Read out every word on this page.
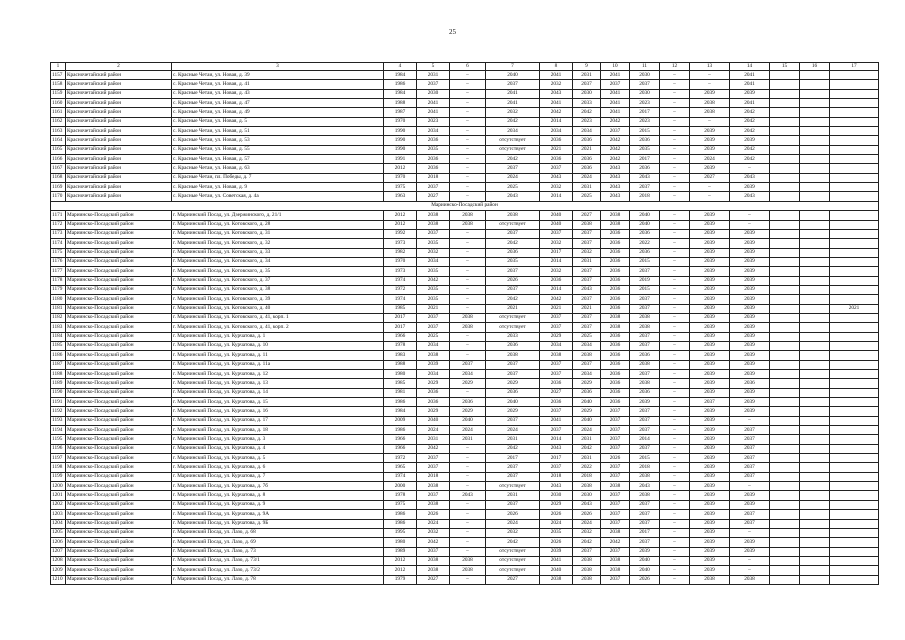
25
1	2	3	4	5	6	7	8	9	10	11	12	13	14	15	16	17
1157	Красночетайский район	с. Красные Четаи, ул. Новая, д. 39	1984	2031	–	2040	2041	2031	2041	2030	–	–	2041			
1158	Красночетайский район	с. Красные Четаи, ул. Новая, д. 41	1986	2037	–	2037	2032	2037	2037	2037	–	–	2041			
1159	Красночетайский район	с. Красные Четаи, ул. Новая, д. 43	1984	2030	–	2041	2043	2030	2041	2030	–	2039	2039			
1160	Красночетайский район	с. Красные Четаи, ул. Новая, д. 47	1988	2041	–	2041	2041	2033	2041	2023	–	2038	2041			
1161	Красночетайский район	с. Красные Четаи, ул. Новая, д. 49	1987	2041	–	2032	2042	2042	2041	2017	–	2038	2042			
1162	Красночетайский район	с. Красные Четаи, ул. Новая, д. 5	1970	2023	–	2042	2014	2023	2042	2023	–	–	2042			
1163	Красночетайский район	с. Красные Четаи, ул. Новая, д. 51	1990	2034	–	2034	2034	2034	2037	2015	–	2039	2042			
1164	Красночетайский район	с. Красные Четаи, ул. Новая, д. 53	1990	2036	–	отсутствует	2036	2036	2042	2036	–	2039	2039			
1165	Красночетайский район	с. Красные Четаи, ул. Новая, д. 55	1990	2035	–	отсутствует	2021	2021	2042	2035	–	2039	2042			
1166	Красночетайский район	с. Красные Четаи, ул. Новая, д. 57	1991	2036	–	2042	2036	2036	2042	2017	–	2024	2042			
1167	Красночетайский район	с. Красные Четаи, ул. Новая, д. 63	2012	2036	–	2037	2037	2036	2043	2036	–	2039	–			
1168	Красночетайский район	с. Красные Четаи, пл. Победы, д. 7	1970	2018	–	2024	2043	2024	2043	2043	–	2027	2043			
1169	Красночетайский район	с. Красные Четаи, ул. Новая, д. 9	1975	2037	–	2025	2032	2031	2043	2037	–	–	2039			
1170	Красночетайский район	с. Красные Четаи, ул. Советская, д. 4а	1963	2027	–	2043	2014	2025	2043	2018	–	–	2043			
Мариинско-Посадский район																
1171	Мариинско-Посадский район	г. Мариинский Посад, ул. Дзержинского, д. 21/1	2012	2038	2038	2038	2040	2027	2038	2040	–	2039	–			
1172	Мариинско-Посадский район	г. Мариинский Посад, ул. Котовского, д. 28	2012	2038	2038	отсутствует	2040	2038	2038	2040	–	2039	–			
1173	Мариинско-Посадский район	г. Мариинский Посад, ул. Котовского, д. 31	1992	2037	–	2037	2037	2037	2036	2036	–	2039	2039			
1174	Мариинско-Посадский район	г. Мариинский Посад, ул. Котовского, д. 32	1973	2035	–	2042	2032	2037	2036	2022	–	2039	2039			
1175	Мариинско-Посадский район	г. Мариинский Посад, ул. Котовского, д. 33	1982	2032	–	2036	2017	2032	2036	2036	–	2039	2039			
1176	Мариинско-Посадский район	г. Мариинский Посад, ул. Котовского, д. 34	1970	2034	–	2035	2014	2031	2036	2015	–	2039	2039			
1177	Мариинско-Посадский район	г. Мариинский Посад, ул. Котовского, д. 35	1973	2035	–	2037	2032	2037	2036	2037	–	2039	2039			
1178	Мариинско-Посадский район	г. Мариинский Посад, ул. Котовского, д. 37	1974	2042	–	2026	2036	2037	2036	2019	–	2039	2039			
1179	Мариинско-Посадский район	г. Мариинский Посад, ул. Котовского, д. 38	1972	2035	–	2037	2014	2043	2036	2015	–	2039	2039			
1180	Мариинско-Посадский район	г. Мариинский Посад, ул. Котовского, д. 39	1974	2035	–	2042	2042	2037	2036	2037	–	2039	2039			
1181	Мариинско-Посадский район	г. Мариинский Посад, ул. Котовского, д. 40	1985	2021	–	2021	2021	2021	2036	2037	–	2039	2039			2021
1182	Мариинско-Посадский район	г. Мариинский Посад, ул. Котовского, д. 41, корп. 1	2017	2037	2038	отсутствует	2037	2037	2038	2038	–	2039	2039			
1183	Мариинско-Посадский район	г. Мариинский Посад, ул. Котовского, д. 41, корп. 2	2017	2037	2038	отсутствует	2037	2037	2038	2038	–	2039	2039			
1184	Мариинско-Посадский район	г. Мариинский Посад, ул. Курчатова, д. 1	1966	2025	–	2033	2029	2025	2036	2037	–	2039	2039			
1185	Мариинско-Посадский район	г. Мариинский Посад, ул. Курчатова, д. 10	1978	2034	–	2036	2034	2034	2036	2037	–	2039	2039			
1186	Мариинско-Посадский район	г. Мариинский Посад, ул. Курчатова, д. 11	1983	2038	–	2038	2038	2038	2036	2036	–	2039	2039			
1187	Мариинско-Посадский район	г. Мариинский Посад, ул. Курчатова, д. 11а	1988	2039	2037	2037	2037	2037	2036	2038	–	2039	2039			
1188	Мариинско-Посадский район	г. Мариинский Посад, ул. Курчатова, д. 12	1980	2034	2034	2037	2037	2034	2036	2037	–	2039	2039			
1189	Мариинско-Посадский район	г. Мариинский Посад, ул. Курчатова, д. 13	1985	2029	2029	2029	2036	2029	2036	2038	–	2039	2036			
1190	Мариинско-Посадский район	г. Мариинский Посад, ул. Курчатова, д. 14	1981	2036	–	2036	2027	2036	2036	2036	–	2039	2039			
1191	Мариинско-Посадский район	г. Мариинский Посад, ул. Курчатова, д. 15	1986	2036	2036	2040	2036	2040	2036	2039	–	2037	2039			
1192	Мариинско-Посадский район	г. Мариинский Посад, ул. Курчатова, д. 16	1984	2029	2029	2029	2037	2029	2037	2037	–	2039	2039			
1193	Мариинско-Посадский район	г. Мариинский Посад, ул. Курчатова, д. 17	2009	2040	2040	2037	2041	2040	2037	2037	–	2039	–			
1194	Мариинско-Посадский район	г. Мариинский Посад, ул. Курчатова, д. 18	1986	2024	2024	2024	2037	2024	2037	2037	–	2039	2037			
1195	Мариинско-Посадский район	г. Мариинский Посад, ул. Курчатова, д. 3	1966	2031	2031	2031	2014	2031	2037	2014	–	2039	2037			
1196	Мариинско-Посадский район	г. Мариинский Посад, ул. Курчатова, д. 4	1966	2042	–	2042	2043	2042	2037	2037	–	2039	2037			
1197	Мариинско-Посадский район	г. Мариинский Посад, ул. Курчатова, д. 5	1972	2037	–	2017	2017	2031	2026	2015	–	2039	2037			
1198	Мариинско-Посадский район	г. Мариинский Посад, ул. Курчатова, д. 6	1965	2037	–	2037	2037	2022	2037	2018	–	2039	2037			
1199	Мариинско-Посадский район	г. Мариинский Посад, ул. Курчатова, д. 7	1974	2018	–	2037	2018	2018	2037	2038	–	2039	2037			
1200	Мариинско-Посадский район	г. Мариинский Посад, ул. Курчатова, д. 7б	2000	2038	–	отсутствует	2043	2038	2038	2043	–	2039	–			
1201	Мариинско-Посадский район	г. Мариинский Посад, ул. Курчатова, д. 8	1978	2037	2043	2031	2030	2030	2037	2038	–	2039	2039			
1202	Мариинско-Посадский район	г. Мариинский Посад, ул. Курчатова, д. 9	1975	2038	–	2037	2029	2043	2037	2037	–	2039	2039			
1203	Мариинско-Посадский район	г. Мариинский Посад, ул. Курчатова, д. 9А	1986	2026	–	2026	2026	2026	2037	2037	–	2039	2037			
1204	Мариинско-Посадский район	г. Мариинский Посад, ул. Курчатова, д. 9Б	1986	2024	–	2024	2024	2024	2037	2037	–	2039	2037			
1205	Мариинско-Посадский район	г. Мариинский Посад, ул. Лазо, д. 68	1995	2032	–	2032	2035	2032	2038	2017	–	2039	–			
1206	Мариинско-Посадский район	г. Мариинский Посад, ул. Лазо, д. 69	1980	2042	–	2042	2026	2042	2042	2037	–	2039	2039			
1207	Мариинско-Посадский район	г. Мариинский Посад, ул. Лазо, д. 73	1989	2037	–	отсутствует	2039	2037	2037	2039	–	2039	2039			
1208	Мариинско-Посадский район	г. Мариинский Посад, ул. Лазо, д. 73/1	2012	2038	2038	отсутствует	2041	2038	2038	2040	–	2039	–			
1209	Мариинско-Посадский район	г. Мариинский Посад, ул. Лазо, д. 73/2	2012	2038	2038	отсутствует	2040	2038	2038	2040	–	2039	–			
1210	Мариинско-Посадский район	г. Мариинский Посад, ул. Лазо, д. 78	1979	2027	–	2027	2038	2038	2037	2026	–	2038	2038			
